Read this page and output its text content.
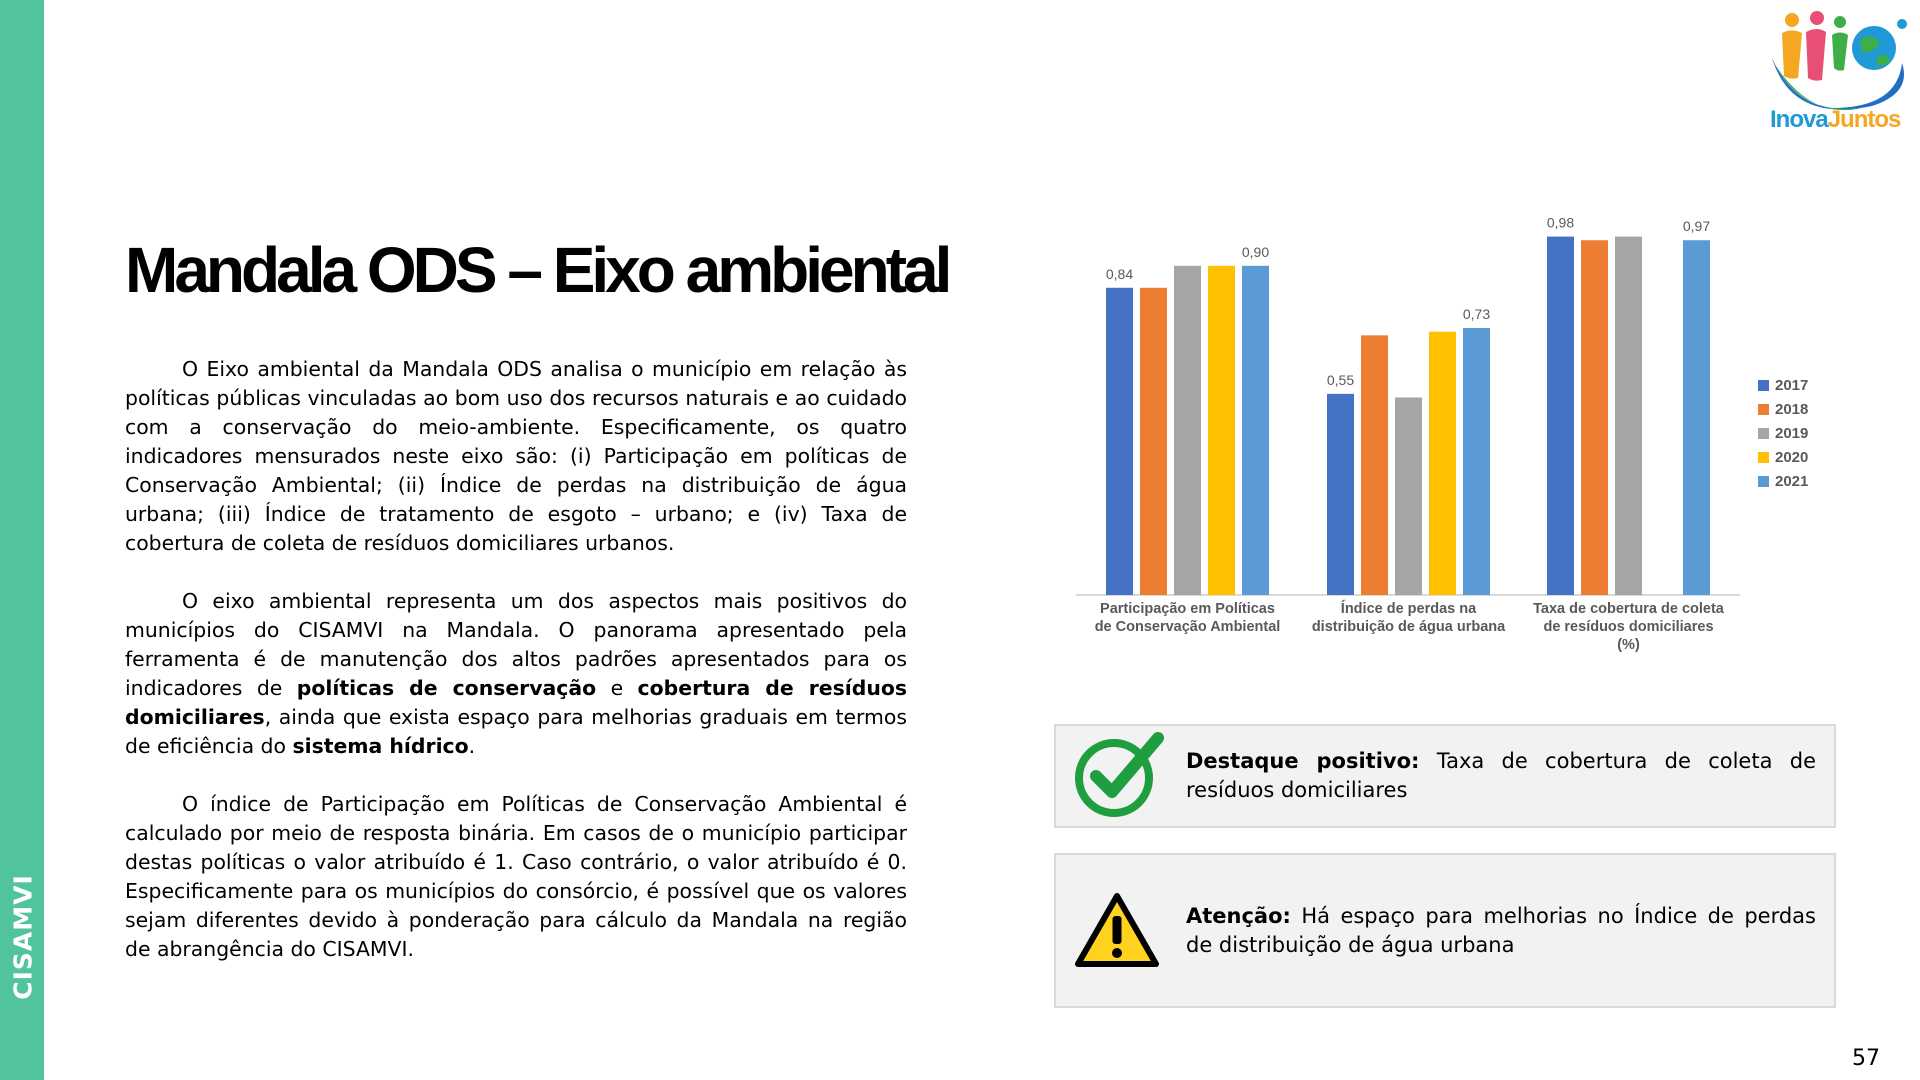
CISAMVI
InovaJuntos
Mandala ODS – Eixo ambiental

O Eixo ambiental da Mandala ODS analisa o município em relação às políticas públicas vinculadas ao bom uso dos recursos naturais e ao cuidado com a conservação do meio-ambiente. Especificamente, os quatro indicadores mensurados neste eixo são: (i) Participação em políticas de Conservação Ambiental; (ii) Índice de perdas na distribuição de água urbana; (iii) Índice de tratamento de esgoto – urbano; e (iv) Taxa de cobertura de coleta de resíduos domiciliares urbanos.

O eixo ambiental representa um dos aspectos mais positivos do municípios do CISAMVI na Mandala. O panorama apresentado pela ferramenta é de manutenção dos altos padrões apresentados para os indicadores de políticas de conservação e cobertura de resíduos domiciliares, ainda que exista espaço para melhorias graduais em termos de eficiência do sistema hídrico.

O índice de Participação em Políticas de Conservação Ambiental é calculado por meio de resposta binária. Em casos de o município participar destas políticas o valor atribuído é 1. Caso contrário, o valor atribuído é 0. Especificamente para os municípios do consórcio, é possível que os valores sejam diferentes devido à ponderação para cálculo da Mandala na região de abrangência do CISAMVI.

0,84
0,90
0,55
0,73
0,98	0,97
Participação em Políticas
de Conservação Ambiental
Índice de perdas na
distribuição de água urbana
Taxa de cobertura de coleta
de resíduos domiciliares
(%)
2017
2018
2019
2020
2021
Destaque positivo: Taxa de cobertura de coleta de resíduos domiciliares
Atenção: Há espaço para melhorias no Índice de perdas de distribuição de água urbana
57
